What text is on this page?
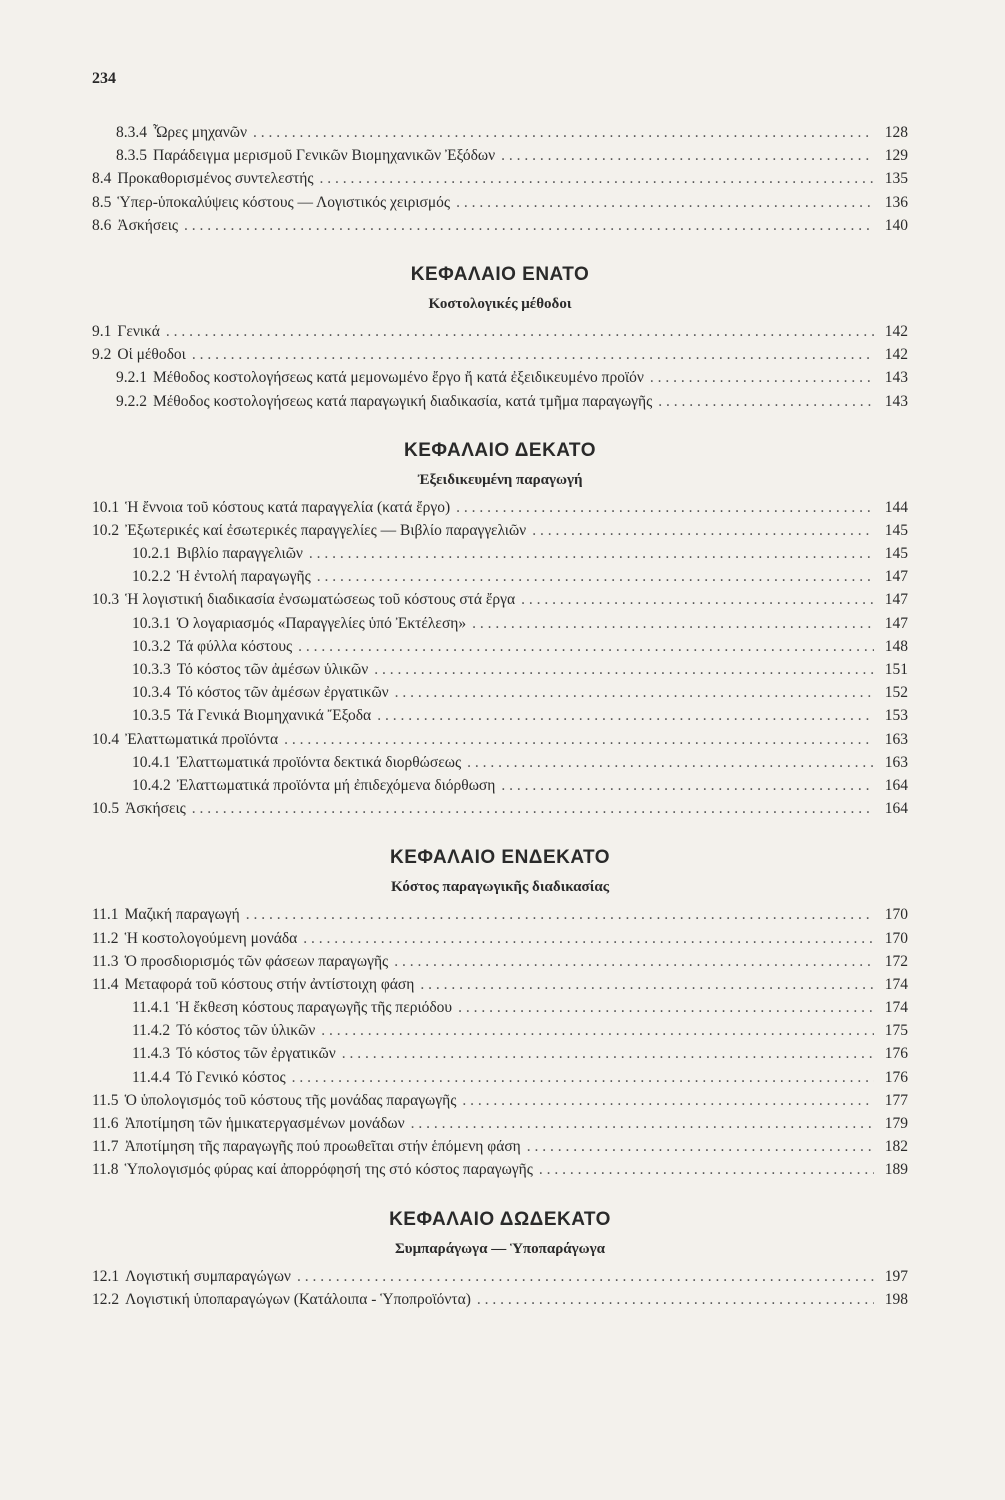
234
8.3.4 Ὧρες μηχανῶν . . .	128
8.3.5 Παράδειγμα μερισμοῦ Γενικῶν Βιομηχανικῶν Ἐξόδων . . .	129
8.4 Προκαθορισμένος συντελεστής . . .	135
8.5 Ὑπερ-ὑποκαλύψεις κόστους — Λογιστικός χειρισμός . . .	136
8.6 Ἀσκήσεις . . .	140
ΚΕΦΑΛΑΙΟ ΕΝΑΤΟ
Κοστολογικές μέθοδοι
9.1 Γενικά . . .	142
9.2 Οἱ μέθοδοι . . .	142
9.2.1 Μέθοδος κοστολογήσεως κατά μεμονωμένο ἔργο ἤ κατά ἐξειδικευμένο προϊόν . . .	143
9.2.2 Μέθοδος κοστολογήσεως κατά παραγωγική διαδικασία, κατά τμῆμα παραγωγῆς . . .	143
ΚΕΦΑΛΑΙΟ ΔΕΚΑΤΟ
Ἐξειδικευμένη παραγωγή
10.1 Ἡ ἔννοια τοῦ κόστους κατά παραγγελία (κατά ἔργο) . . .	144
10.2 Ἐξωτερικές καί ἐσωτερικές παραγγελίες — Βιβλίο παραγγελιῶν . . .	145
10.2.1 Βιβλίο παραγγελιῶν . . .	145
10.2.2 Ἡ ἐντολή παραγωγῆς . . .	147
10.3 Ἡ λογιστική διαδικασία ἐνσωματώσεως τοῦ κόστους στά ἔργα . . .	147
10.3.1 Ὁ λογαριασμός «Παραγγελίες ὑπό Ἐκτέλεση» . . .	147
10.3.2 Τά φύλλα κόστους . . .	148
10.3.3 Τό κόστος τῶν ἀμέσων ὑλικῶν . . .	151
10.3.4 Τό κόστος τῶν ἀμέσων ἐργατικῶν . . .	152
10.3.5 Τά Γενικά Βιομηχανικά Ἔξοδα . . .	153
10.4 Ἐλαττωματικά προϊόντα . . .	163
10.4.1 Ἐλαττωματικά προϊόντα δεκτικά διορθώσεως . . .	163
10.4.2 Ἐλαττωματικά προϊόντα μή ἐπιδεχόμενα διόρθωση . . .	164
10.5 Ἀσκήσεις . . .	164
ΚΕΦΑΛΑΙΟ ΕΝΔΕΚΑΤΟ
Κόστος παραγωγικῆς διαδικασίας
11.1 Μαζική παραγωγή . . .	170
11.2 Ἡ κοστολογούμενη μονάδα . . .	170
11.3 Ὁ προσδιορισμός τῶν φάσεων παραγωγῆς . . .	172
11.4 Μεταφορά τοῦ κόστους στήν ἀντίστοιχη φάση . . .	174
11.4.1 Ἡ ἔκθεση κόστους παραγωγῆς τῆς περιόδου . . .	174
11.4.2 Τό κόστος τῶν ὑλικῶν . . .	175
11.4.3 Τό κόστος τῶν ἐργατικῶν . . .	176
11.4.4 Τό Γενικό κόστος . . .	176
11.5 Ὁ ὑπολογισμός τοῦ κόστους τῆς μονάδας παραγωγῆς . . .	177
11.6 Ἀποτίμηση τῶν ἡμικατεργασμένων μονάδων . . .	179
11.7 Ἀποτίμηση τῆς παραγωγῆς πού προωθεῖται στήν ἑπόμενη φάση . . .	182
11.8 Ὑπολογισμός φύρας καί ἀπορρόφησή της στό κόστος παραγωγῆς . . .	189
ΚΕΦΑΛΑΙΟ ΔΩΔΕΚΑΤΟ
Συμπαράγωγα — Ὑποπαράγωγα
12.1 Λογιστική συμπαραγώγων . . .	197
12.2 Λογιστική ὑποπαραγώγων (Κατάλοιπα - Ὑποπροϊόντα) . . .	198
